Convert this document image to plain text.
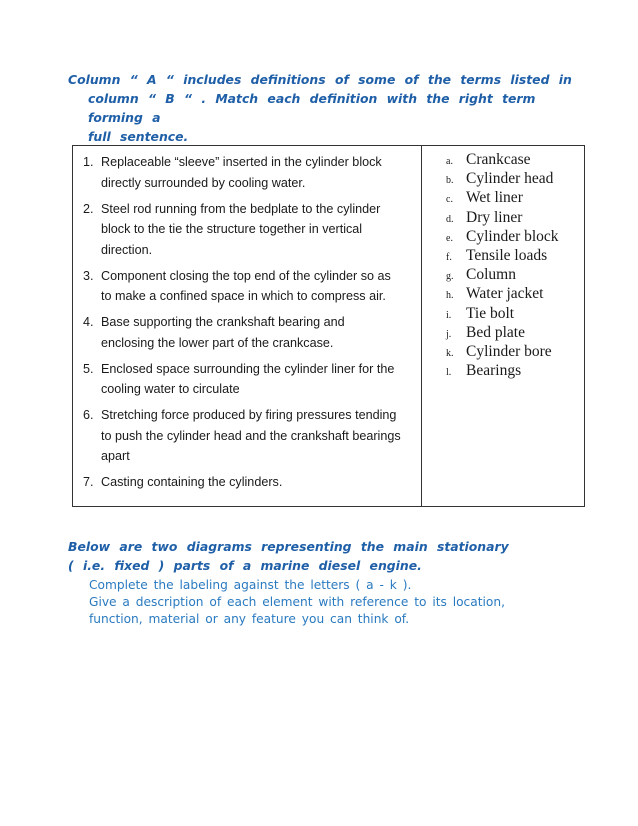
Column “ A “ includes definitions of some of the terms listed in
column “ B “ . Match each definition with the right term forming a
full sentence.
1. Replaceable “sleeve” inserted in the cylinder block directly surrounded by cooling water.
2. Steel rod running from the bedplate to the cylinder block to the tie the structure together in vertical direction.
3. Component closing the top end of the cylinder so as to make a confined space in which to compress air.
4. Base supporting the crankshaft bearing and enclosing the lower part of the crankcase.
5. Enclosed space surrounding the cylinder liner for the cooling water to circulate
6. Stretching force produced by firing pressures tending to push the cylinder head and the crankshaft bearings apart
7. Casting containing the cylinders.
a. Crankcase
b. Cylinder head
c. Wet liner
d. Dry liner
e. Cylinder block
f. Tensile loads
g. Column
h. Water jacket
i. Tie bolt
j. Bed plate
k. Cylinder bore
l. Bearings
Below are two diagrams representing the main stationary
( i.e. fixed ) parts of a marine diesel engine.
Complete the labeling against the letters ( a - k ).
Give a description of each element with reference to its location,
function, material or any feature you can think of.
